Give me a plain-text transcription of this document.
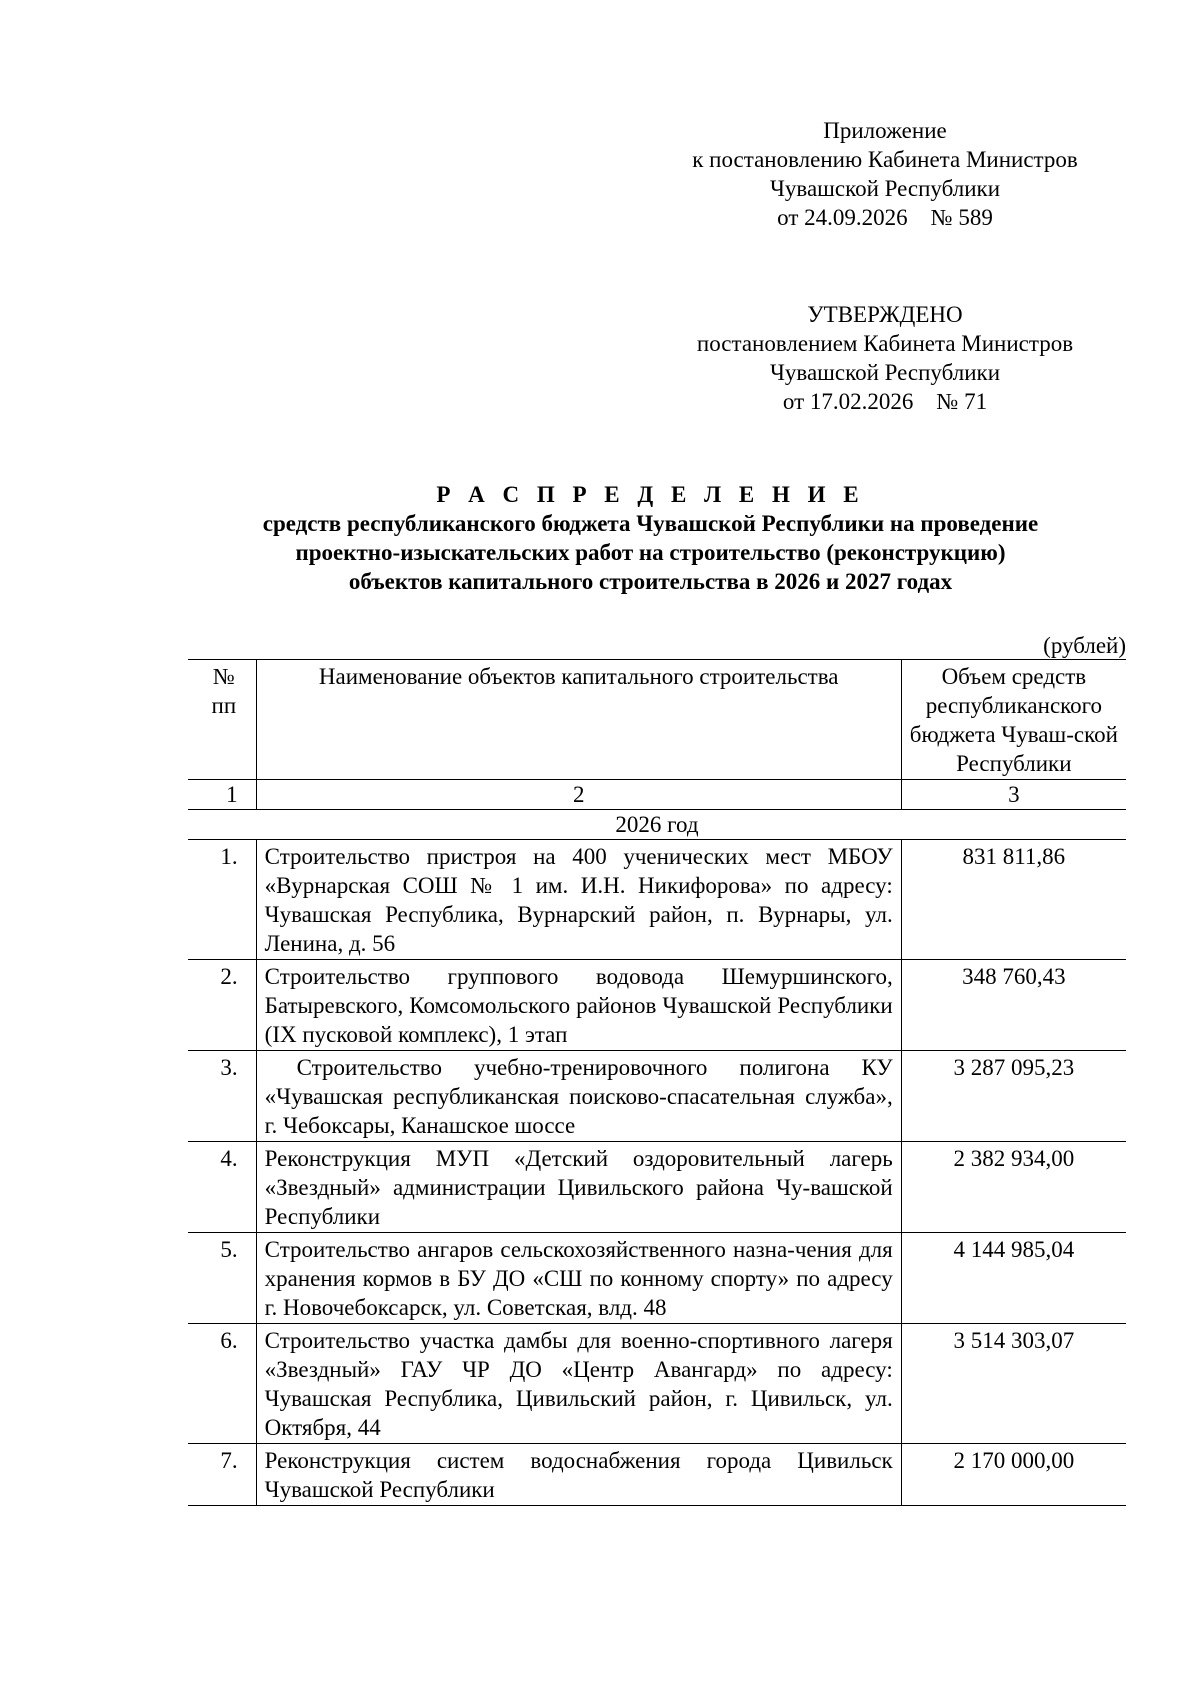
Приложение
к постановлению Кабинета Министров
Чувашской Республики
от 24.09.2026    № 589
УТВЕРЖДЕНО
постановлением Кабинета Министров
Чувашской Республики
от 17.02.2026    № 71
Р А С П Р Е Д Е Л Е Н И Е
средств республиканского бюджета Чувашской Республики на проведение
проектно-изыскательских работ на строительство (реконструкцию)
объектов капитального строительства в 2026 и 2027 годах
(рублей)
№ пп	Наименование объектов капитального строительства	Объем средств республиканского бюджета Чуваш-ской Республики
1	2	3
2026 год		
1.	Строительство пристроя на 400 ученических мест МБОУ «Вурнарская СОШ № 1 им. И.Н. Никифорова» по адресу: Чувашская Республика, Вурнарский район, п. Вурнары, ул. Ленина, д. 56	831 811,86
2.	Строительство группового водовода Шемуршинского, Батыревского, Комсомольского районов Чувашской Республики (IX пусковой комплекс), 1 этап	348 760,43
3.	Строительство учебно-тренировочного полигона КУ «Чувашская республиканская поисково-спасательная служба», г. Чебоксары, Канашское шоссе	3 287 095,23
4.	Реконструкция МУП «Детский оздоровительный лагерь «Звездный» администрации Цивильского района Чу-вашской Республики	2 382 934,00
5.	Строительство ангаров сельскохозяйственного назна-чения для хранения кормов в БУ ДО «СШ по конному спорту» по адресу г. Новочебоксарск, ул. Советская, влд. 48	4 144 985,04
6.	Строительство участка дамбы для военно-спортивного лагеря «Звездный» ГАУ ЧР ДО «Центр Авангард» по адресу: Чувашская Республика, Цивильский район, г. Цивильск, ул. Октября, 44	3 514 303,07
7.	Реконструкция систем водоснабжения города Цивильск Чувашской Республики	2 170 000,00
